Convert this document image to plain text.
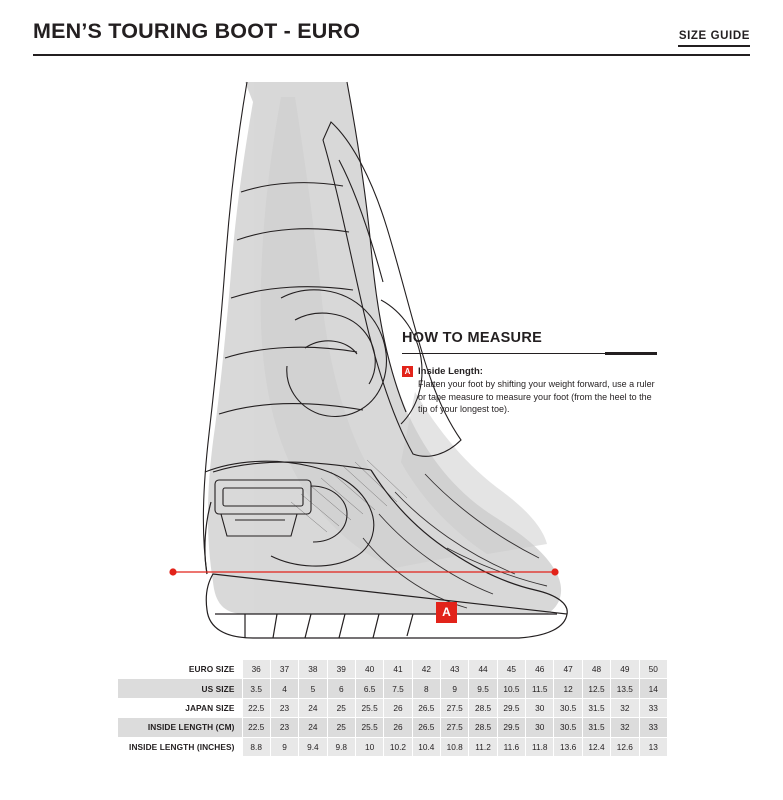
MEN’S TOURING BOOT - EURO	SIZE GUIDE
A
HOW TO MEASURE
A Inside Length:
Flatten your foot by shifting your weight forward, use a ruler or tape measure to measure your foot (from the heel to the tip of your longest toe).
EURO SIZE	36	37	38	39	40	41	42	43	44	45	46	47	48	49	50
US SIZE	3.5	4	5	6	6.5	7.5	8	9	9.5	10.5	11.5	12	12.5	13.5	14
JAPAN SIZE	22.5	23	24	25	25.5	26	26.5	27.5	28.5	29.5	30	30.5	31.5	32	33
INSIDE LENGTH (CM)	22.5	23	24	25	25.5	26	26.5	27.5	28.5	29.5	30	30.5	31.5	32	33
INSIDE LENGTH (INCHES)	8.8	9	9.4	9.8	10	10.2	10.4	10.8	11.2	11.6	11.8	13.6	12.4	12.6	13
